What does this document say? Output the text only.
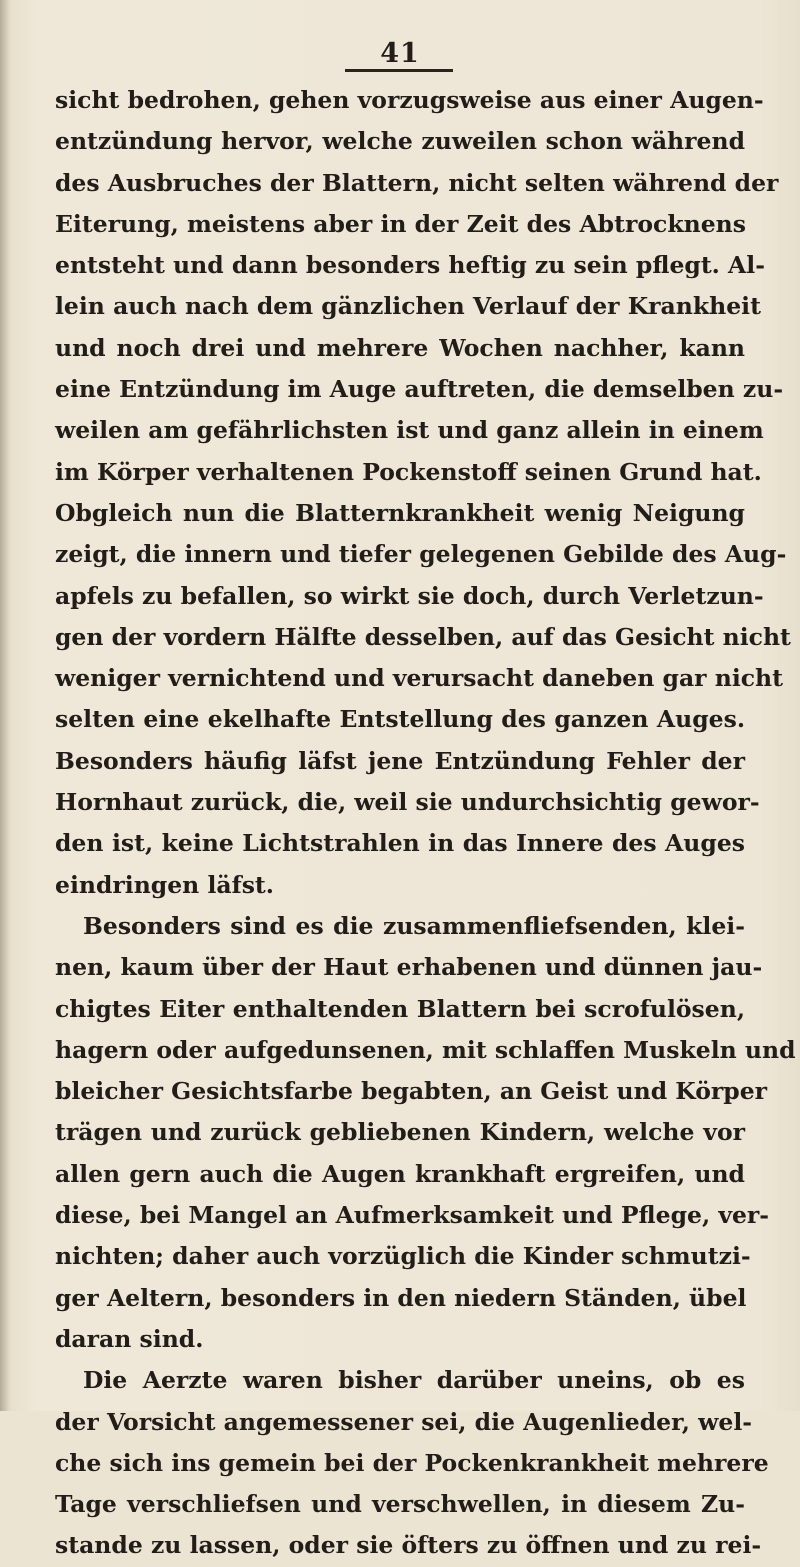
41
sicht bedrohen, gehen vorzugsweise aus einer Augen-
entzündung hervor, welche zuweilen schon während
des Ausbruches der Blattern, nicht selten während der
Eiterung, meistens aber in der Zeit des Abtrocknens
entsteht und dann besonders heftig zu sein pflegt. Al-
lein auch nach dem gänzlichen Verlauf der Krankheit
und noch drei und mehrere Wochen nachher, kann
eine Entzündung im Auge auftreten, die demselben zu-
weilen am gefährlichsten ist und ganz allein in einem
im Körper verhaltenen Pockenstoff seinen Grund hat.
Obgleich nun die Blatternkrankheit wenig Neigung
zeigt, die innern und tiefer gelegenen Gebilde des Aug-
apfels zu befallen, so wirkt sie doch, durch Verletzun-
gen der vordern Hälfte desselben, auf das Gesicht nicht
weniger vernichtend und verursacht daneben gar nicht
selten eine ekelhafte Entstellung des ganzen Auges.
Besonders häufig läfst jene Entzündung Fehler der
Hornhaut zurück, die, weil sie undurchsichtig gewor-
den ist, keine Lichtstrahlen in das Innere des Auges
eindringen läfst.
Besonders sind es die zusammenfliefsenden, klei-
nen, kaum über der Haut erhabenen und dünnen jau-
chigtes Eiter enthaltenden Blattern bei scrofulösen,
hagern oder aufgedunsenen, mit schlaffen Muskeln und
bleicher Gesichtsfarbe begabten, an Geist und Körper
trägen und zurück gebliebenen Kindern, welche vor
allen gern auch die Augen krankhaft ergreifen, und
diese, bei Mangel an Aufmerksamkeit und Pflege, ver-
nichten; daher auch vorzüglich die Kinder schmutzi-
ger Aeltern, besonders in den niedern Ständen, übel
daran sind.
Die Aerzte waren bisher darüber uneins, ob es
der Vorsicht angemessener sei, die Augenlieder, wel-
che sich ins gemein bei der Pockenkrankheit mehrere
Tage verschliefsen und verschwellen, in diesem Zu-
stande zu lassen, oder sie öfters zu öffnen und zu rei-
